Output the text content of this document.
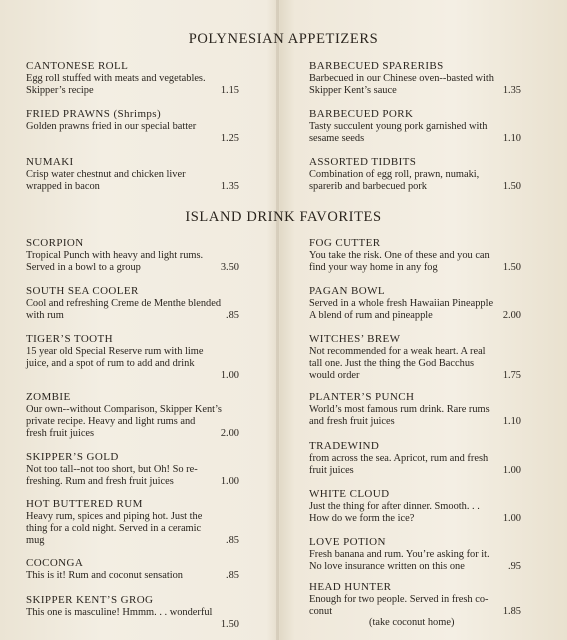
POLYNESIAN APPETIZERS
ISLAND DRINK FAVORITES
CANTONESE ROLL
Egg roll stuffed with meats and vegetables.
Skipper’s recipe	1.15
FRIED PRAWNS (Shrimps)
Golden prawns fried in our special batter
1.25
NUMAKI
Crisp water chestnut and chicken liver
wrapped in bacon	1.35
BARBECUED SPARERIBS
Barbecued in our Chinese oven--basted with
Skipper Kent’s sauce	1.35
BARBECUED PORK
Tasty succulent young pork garnished with
sesame seeds	1.10
ASSORTED TIDBITS
Combination of egg roll, prawn, numaki,
sparerib and barbecued pork	1.50
SCORPION
Tropical Punch with heavy and light rums.
Served in a bowl to a group	3.50
SOUTH SEA COOLER
Cool and refreshing Creme de Menthe blended
with rum	.85
TIGER’S TOOTH
15 year old Special Reserve rum with lime
juice, and a spot of rum to add and drink
1.00
ZOMBIE
Our own--without Comparison, Skipper Kent’s
private recipe. Heavy and light rums and
fresh fruit juices	2.00
SKIPPER’S GOLD
Not too tall--not too short, but Oh! So re-
freshing. Rum and fresh fruit juices	1.00
HOT BUTTERED RUM
Heavy rum, spices and piping hot. Just the
thing for a cold night. Served in a ceramic
mug	.85
COCONGA
This is it! Rum and coconut sensation	.85
SKIPPER KENT’S GROG
This one is masculine! Hmmm. . . wonderful
1.50
FOG CUTTER
You take the risk. One of these and you can
find your way home in any fog	1.50
PAGAN BOWL
Served in a whole fresh Hawaiian Pineapple
A blend of rum and pineapple	2.00
WITCHES’ BREW
Not recommended for a weak heart. A real
tall one. Just the thing the God Bacchus
would order	1.75
PLANTER’S PUNCH
World’s most famous rum drink. Rare rums
and fresh fruit juices	1.10
TRADEWIND
from across the sea. Apricot, rum and fresh
fruit juices	1.00
WHITE CLOUD
Just the thing for after dinner. Smooth. . .
How do we form the ice?	1.00
LOVE POTION
Fresh banana and rum. You’re asking for it.
No love insurance written on this one	.95
HEAD HUNTER
Enough for two people. Served in fresh co-
conut	1.85
(take coconut home)
